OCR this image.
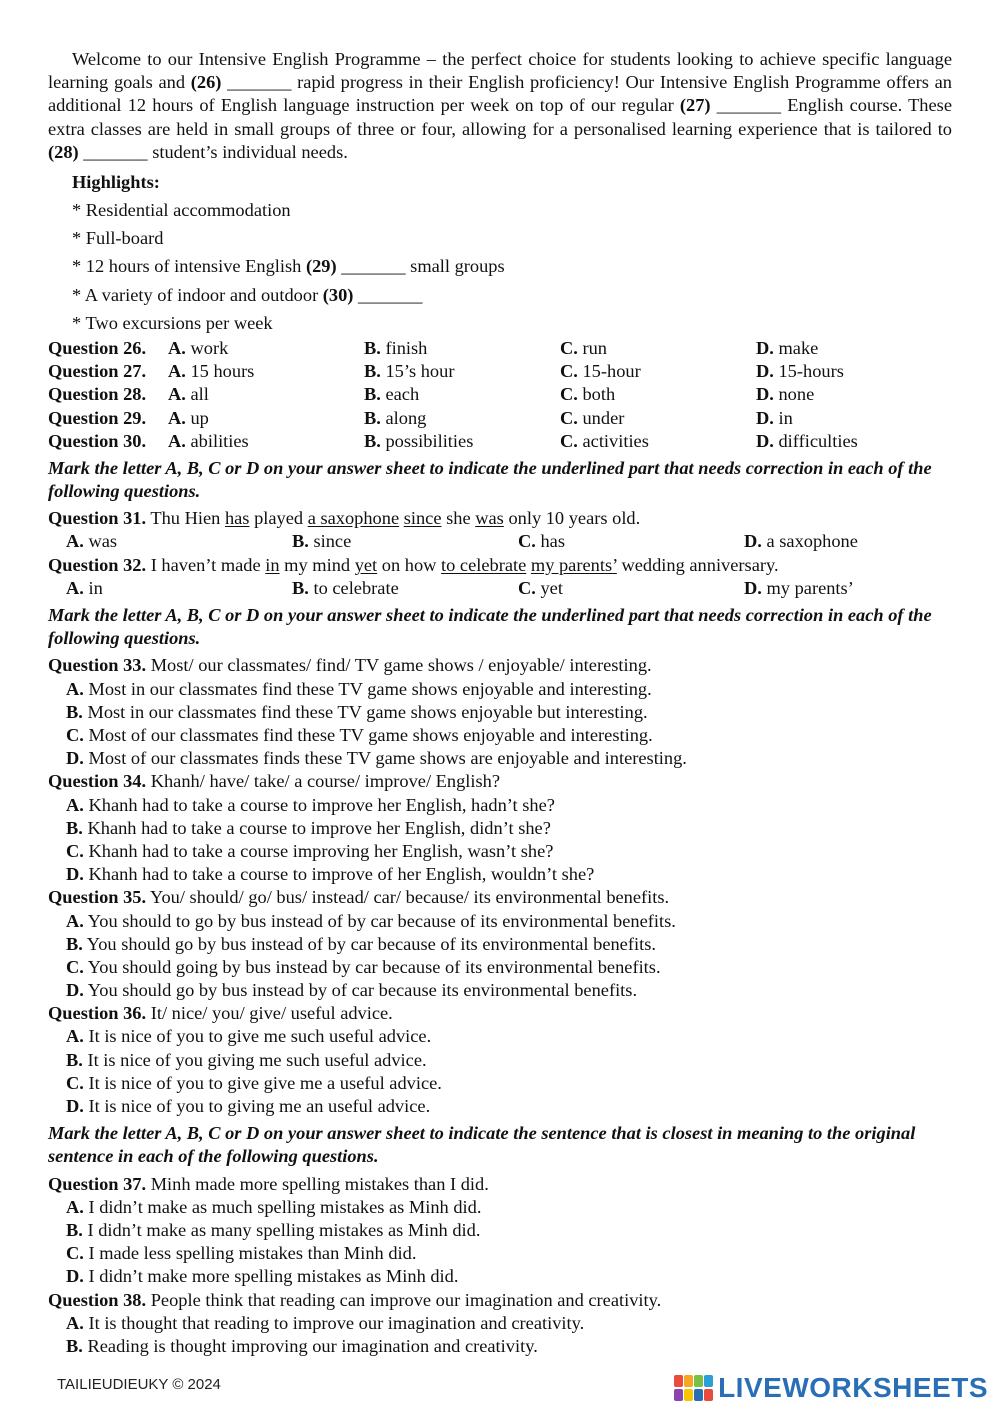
Welcome to our Intensive English Programme – the perfect choice for students looking to achieve specific language learning goals and (26) _______ rapid progress in their English proficiency! Our Intensive English Programme offers an additional 12 hours of English language instruction per week on top of our regular (27) _______ English course. These extra classes are held in small groups of three or four, allowing for a personalised learning experience that is tailored to (28) _______ student’s individual needs.

Highlights:
* Residential accommodation
* Full-board
* 12 hours of intensive English (29) _______ small groups
* A variety of indoor and outdoor (30) _______
* Two excursions per week
Question 26.	A. work	B. finish	C. run	D. make
Question 27.	A. 15 hours	B. 15’s hour	C. 15-hour	D. 15-hours
Question 28.	A. all	B. each	C. both	D. none
Question 29.	A. up	B. along	C. under	D. in
Question 30.	A. abilities	B. possibilities	C. activities	D. difficulties
Mark the letter A, B, C or D on your answer sheet to indicate the underlined part that needs correction in each of the following questions.
Question 31. Thu Hien has played a saxophone since she was only 10 years old.
A. was	B. since	C. has	D. a saxophone
Question 32. I haven’t made in my mind yet on how to celebrate my parents’ wedding anniversary.
A. in	B. to celebrate	C. yet	D. my parents’
Mark the letter A, B, C or D on your answer sheet to indicate the underlined part that needs correction in each of the following questions.
Question 33. Most/ our classmates/ find/ TV game shows / enjoyable/ interesting.
A. Most in our classmates find these TV game shows enjoyable and interesting.
B. Most in our classmates find these TV game shows enjoyable but interesting.
C. Most of our classmates find these TV game shows enjoyable and interesting.
D. Most of our classmates finds these TV game shows are enjoyable and interesting.
Question 34. Khanh/ have/ take/ a course/ improve/ English?
A. Khanh had to take a course to improve her English, hadn’t she?
B. Khanh had to take a course to improve her English, didn’t she?
C. Khanh had to take a course improving her English, wasn’t she?
D. Khanh had to take a course to improve of her English, wouldn’t she?
Question 35. You/ should/ go/ bus/ instead/ car/ because/ its environmental benefits.
A. You should to go by bus instead of by car because of its environmental benefits.
B. You should go by bus instead of by car because of its environmental benefits.
C. You should going by bus instead by car because of its environmental benefits.
D. You should go by bus instead by of car because its environmental benefits.
Question 36. It/ nice/ you/ give/ useful advice.
A. It is nice of you to give me such useful advice.
B. It is nice of you giving me such useful advice.
C. It is nice of you to give give me a useful advice.
D. It is nice of you to giving me an useful advice.
Mark the letter A, B, C or D on your answer sheet to indicate the sentence that is closest in meaning to the original sentence in each of the following questions.
Question 37. Minh made more spelling mistakes than I did.
A. I didn’t make as much spelling mistakes as Minh did.
B. I didn’t make as many spelling mistakes as Minh did.
C. I made less spelling mistakes than Minh did.
D. I didn’t make more spelling mistakes as Minh did.
Question 38. People think that reading can improve our imagination and creativity.
A. It is thought that reading to improve our imagination and creativity.
B. Reading is thought improving our imagination and creativity.
TAILIEUDIEUKY © 2024	LIVEWORKSHEETS
